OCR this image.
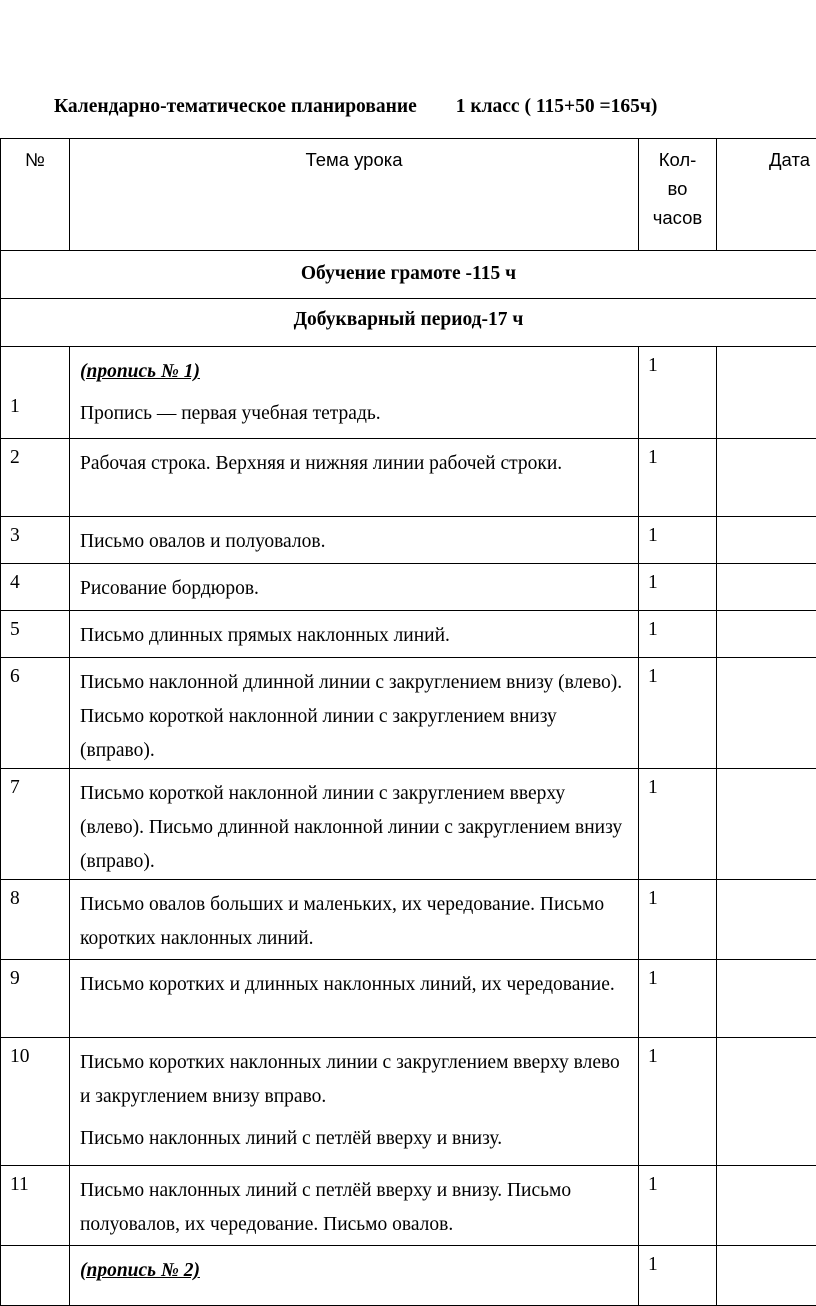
Календарно-тематическое планирование        1 класс ( 115+50 =165ч)
№	Тема урока	Кол-
во
часов	Дата
Обучение грамоте -115 ч			
Добукварный период-17 ч			
1	(пропись № 1)

Пропись — первая учебная тетрадь.	1	
2	Рабочая строка. Верхняя и нижняя линии рабочей строки.	1	
3	Письмо овалов и полуовалов.	1	
4	Рисование бордюров.	1	
5	Письмо длинных прямых наклонных линий.	1	
6	Письмо наклонной длинной линии с закруглением внизу (влево). Письмо короткой наклонной линии с закруглением внизу (вправо).	1	
7	Письмо короткой наклонной линии с закруглением вверху (влево). Письмо длинной наклонной линии с закруглением внизу (вправо).	1	
8	Письмо овалов больших и маленьких, их чередование. Письмо коротких наклонных линий.	1	
9	Письмо коротких и длинных наклонных линий, их чередование.	1	
10	Письмо коротких наклонных линии с закруглением вверху влево и закруглением внизу вправо.

Письмо наклонных линий с петлёй вверху и внизу.	1	
11	Письмо наклонных линий с петлёй вверху и внизу. Письмо полуовалов, их чередование. Письмо овалов.	1	

	(пропись № 2)	1	
